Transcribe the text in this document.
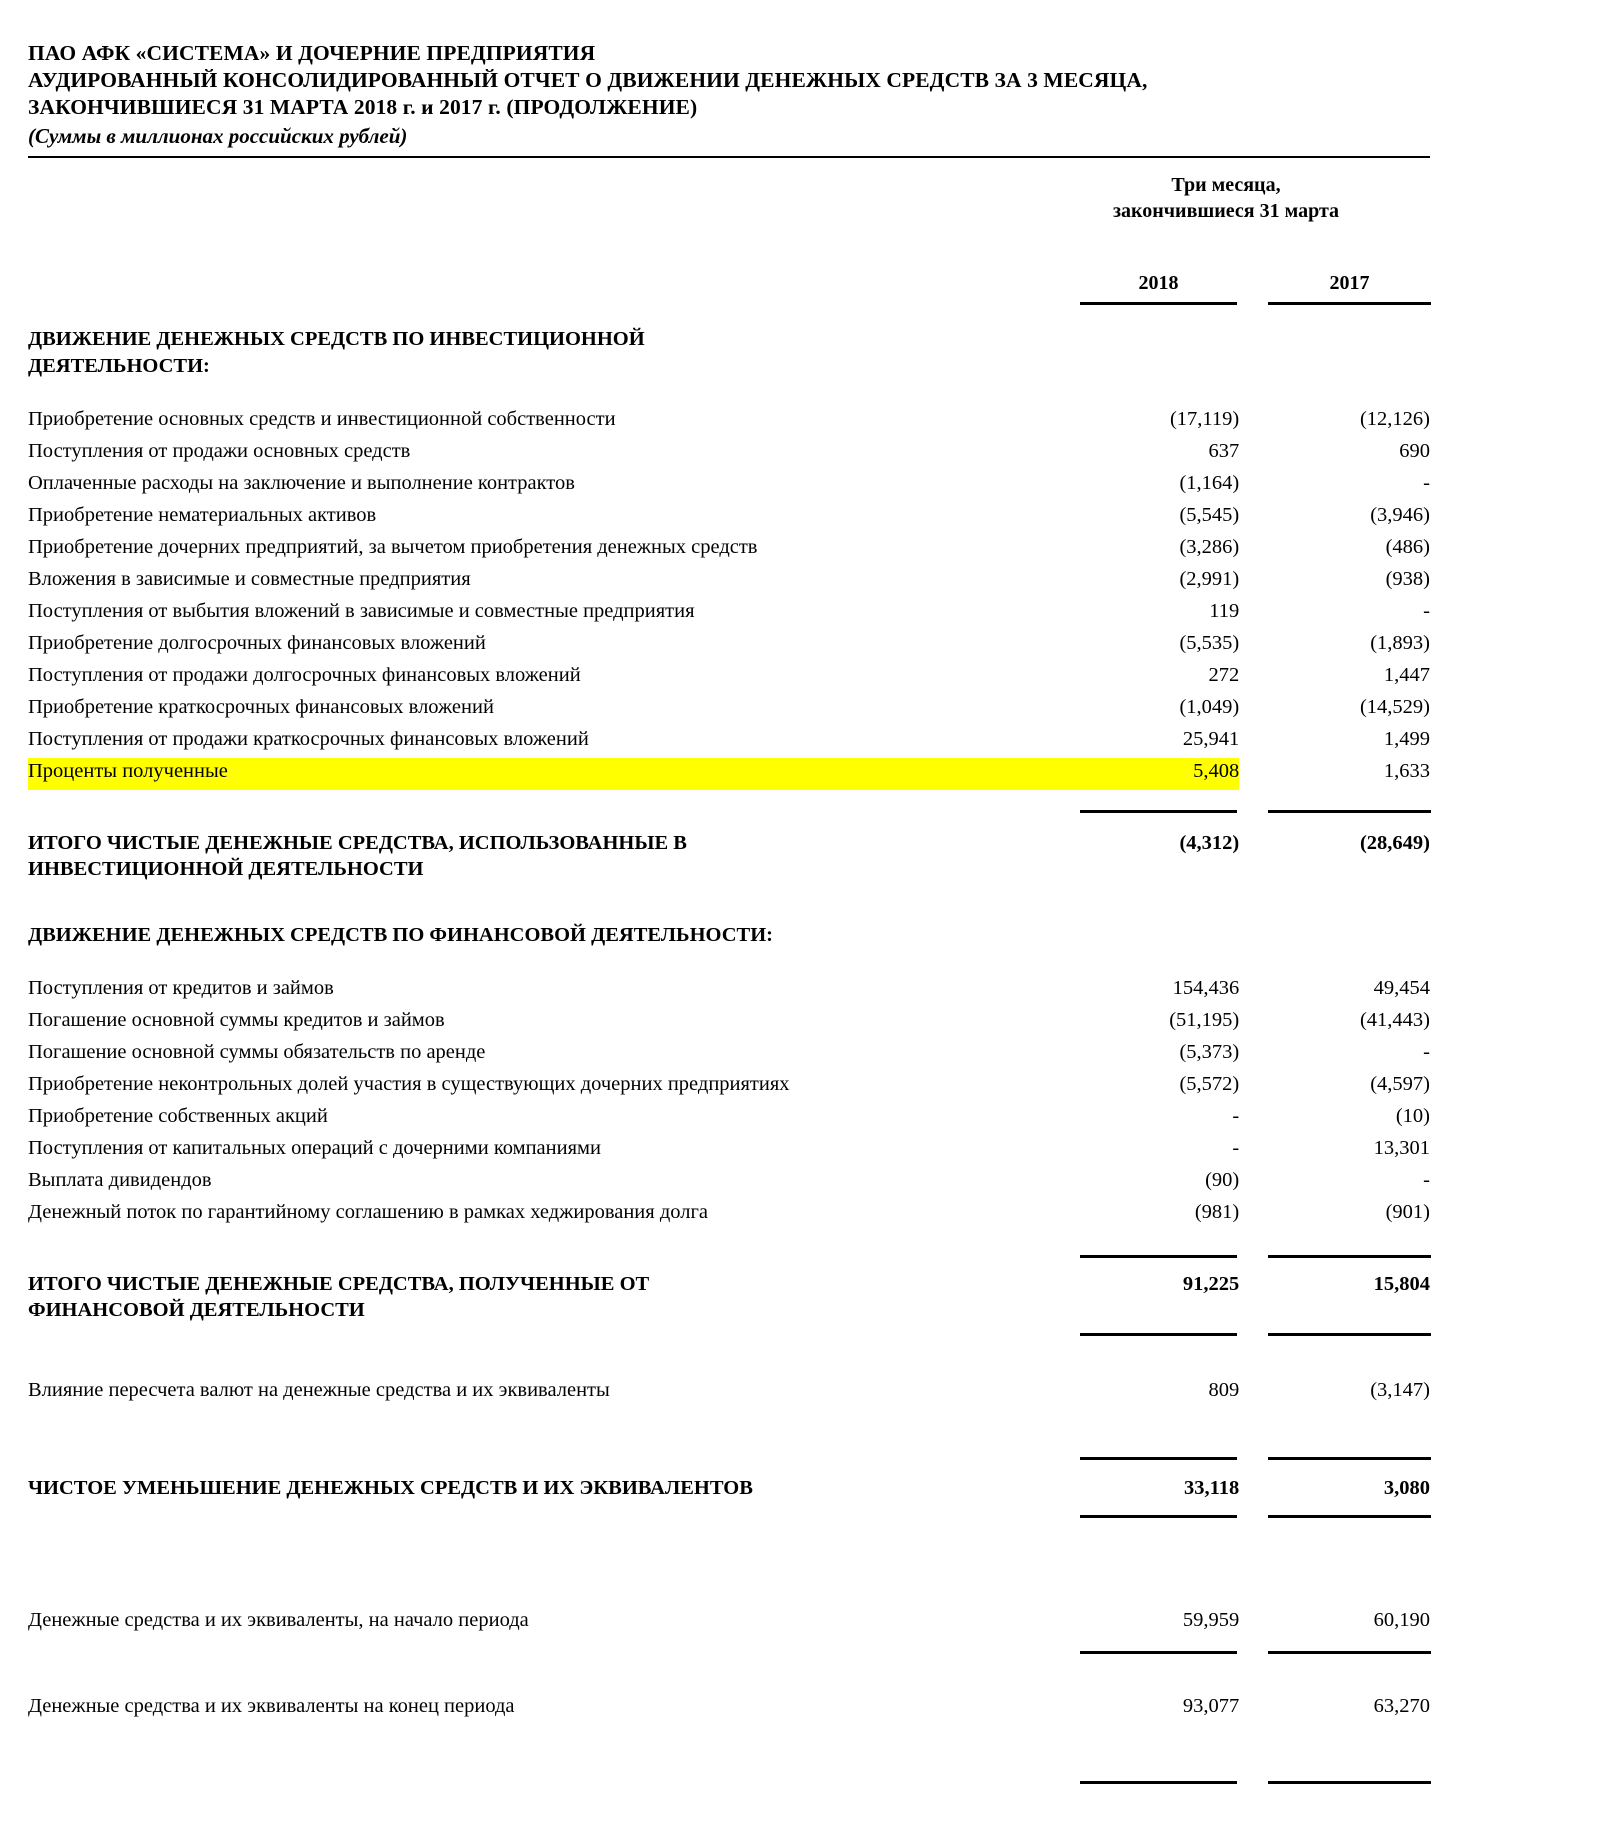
ПАО АФК «СИСТЕМА» И ДОЧЕРНИЕ ПРЕДПРИЯТИЯ
АУДИРОВАННЫЙ КОНСОЛИДИРОВАННЫЙ ОТЧЕТ О ДВИЖЕНИИ ДЕНЕЖНЫХ СРЕДСТВ ЗА 3 МЕСЯЦА,
ЗАКОНЧИВШИЕСЯ 31 МАРТА 2018 г. и 2017 г. (ПРОДОЛЖЕНИЕ)
(Суммы в миллионах российских рублей)
Три месяца,
закончившиеся 31 марта
2018	2017
ДВИЖЕНИЕ ДЕНЕЖНЫХ СРЕДСТВ ПО ИНВЕСТИЦИОННОЙ		
ДЕЯТЕЛЬНОСТИ:		

Приобретение основных средств и инвестиционной собственности	(17,119)	(12,126)
Поступления от продажи основных средств	637	690
Оплаченные расходы на заключение и выполнение контрактов	(1,164)	-
Приобретение нематериальных активов	(5,545)	(3,946)
Приобретение дочерних предприятий, за вычетом приобретения денежных средств	(3,286)	(486)
Вложения в зависимые и совместные предприятия	(2,991)	(938)
Поступления от выбытия вложений в зависимые и совместные предприятия	119	-
Приобретение долгосрочных финансовых вложений	(5,535)	(1,893)
Поступления от продажи долгосрочных финансовых вложений	272	1,447
Приобретение краткосрочных финансовых вложений	(1,049)	(14,529)
Поступления от продажи краткосрочных финансовых вложений	25,941	1,499
Проценты полученные	5,408	1,633

ИТОГО ЧИСТЫЕ ДЕНЕЖНЫЕ СРЕДСТВА, ИСПОЛЬЗОВАННЫЕ В	(4,312)	(28,649)
ИНВЕСТИЦИОННОЙ ДЕЯТЕЛЬНОСТИ		

ДВИЖЕНИЕ ДЕНЕЖНЫХ СРЕДСТВ ПО ФИНАНСОВОЙ ДЕЯТЕЛЬНОСТИ:		

Поступления от кредитов и займов	154,436	49,454
Погашение основной суммы кредитов и займов	(51,195)	(41,443)
Погашение основной суммы обязательств по аренде	(5,373)	-
Приобретение неконтрольных долей участия в существующих дочерних предприятиях	(5,572)	(4,597)
Приобретение собственных акций	-	(10)
Поступления от капитальных операций с дочерними компаниями	-	13,301
Выплата дивидендов	(90)	-
Денежный поток по гарантийному соглашению в рамках хеджирования долга	(981)	(901)

ИТОГО ЧИСТЫЕ ДЕНЕЖНЫЕ СРЕДСТВА, ПОЛУЧЕННЫЕ ОТ	91,225	15,804
ФИНАНСОВОЙ ДЕЯТЕЛЬНОСТИ		

Влияние пересчета валют на денежные средства и их эквиваленты	809	(3,147)

ЧИСТОЕ УМЕНЬШЕНИЕ ДЕНЕЖНЫХ СРЕДСТВ И ИХ ЭКВИВАЛЕНТОВ	33,118	3,080

Денежные средства и их эквиваленты, на начало периода	59,959	60,190

Денежные средства и их эквиваленты на конец периода	93,077	63,270
